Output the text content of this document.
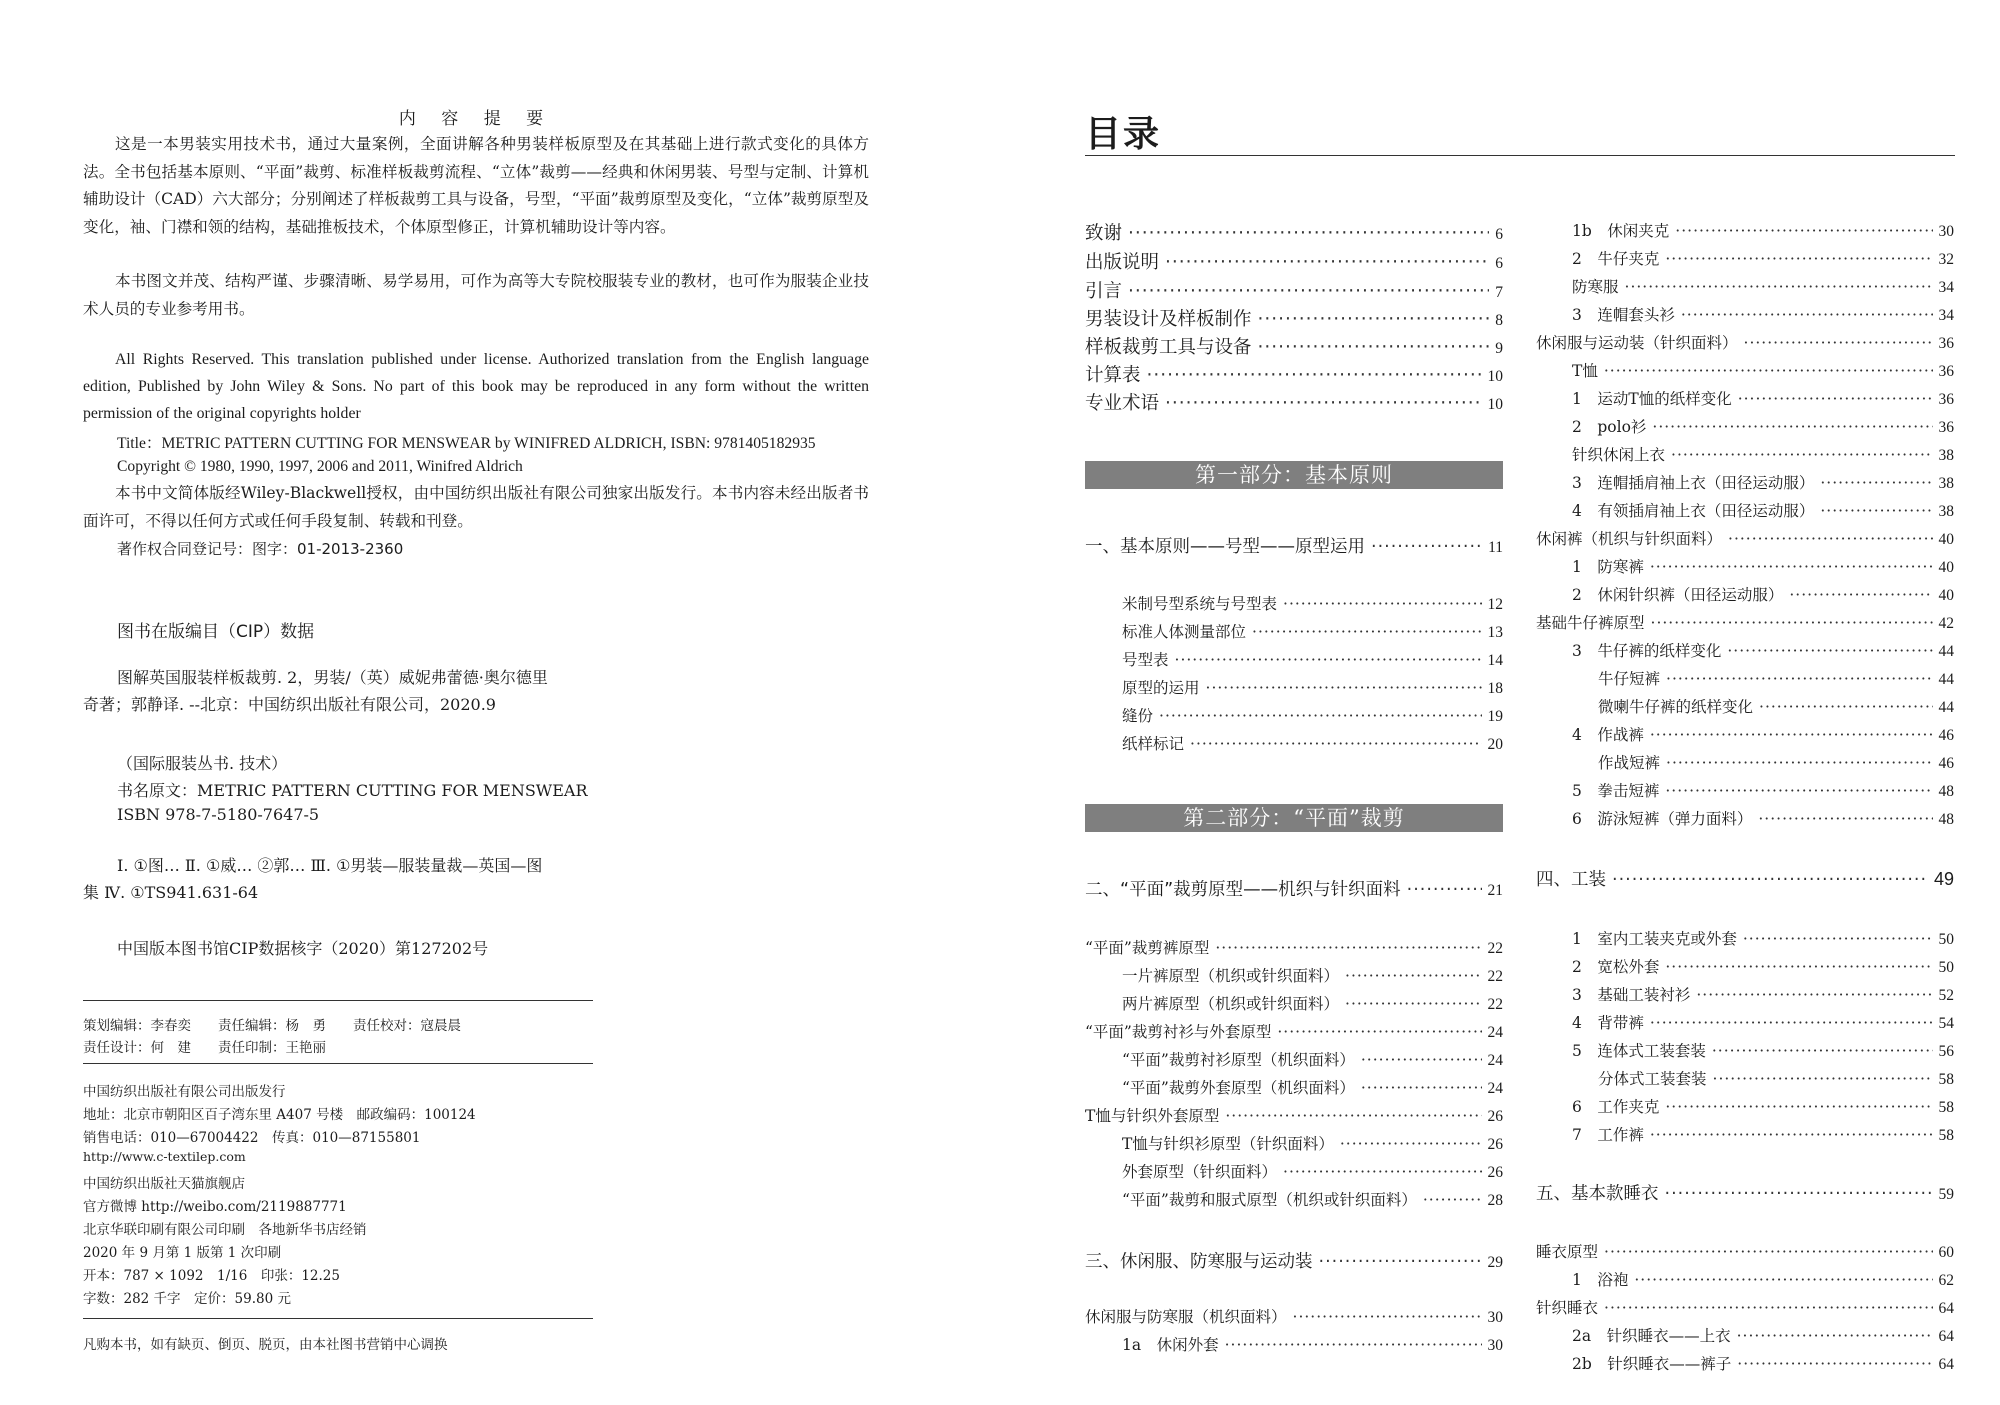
内 容 提 要
这是一本男装实用技术书，通过大量案例，全面讲解各种男装样板原型及在其基础上进行款式变化的具体方法。全书包括基本原则、“平面”裁剪、标准样板裁剪流程、“立体”裁剪——经典和休闲男装、号型与定制、计算机辅助设计（CAD）六大部分；分别阐述了样板裁剪工具与设备，号型，“平面”裁剪原型及变化，“立体”裁剪原型及变化，袖、门襟和领的结构，基础推板技术，个体原型修正，计算机辅助设计等内容。
本书图文并茂、结构严谨、步骤清晰、易学易用，可作为高等大专院校服装专业的教材，也可作为服装企业技术人员的专业参考用书。
All Rights Reserved. This translation published under license. Authorized translation from the English language edition, Published by John Wiley & Sons. No part of this book may be reproduced in any form without the written permission of the original copyrights holder
Title：METRIC PATTERN CUTTING FOR MENSWEAR by WINIFRED ALDRICH, ISBN: 9781405182935
Copyright © 1980, 1990, 1997, 2006 and 2011, Winifred Aldrich
本书中文简体版经Wiley-Blackwell授权，由中国纺织出版社有限公司独家出版发行。本书内容未经出版者书面许可，不得以任何方式或任何手段复制、转载和刊登。
著作权合同登记号：图字：01-2013-2360
图书在版编目（CIP）数据
图解英国服装样板裁剪. 2，男装/（英）威妮弗蕾德·奥尔德里奇著；郭静译. --北京：中国纺织出版社有限公司，2020.9
（国际服装丛书. 技术）
书名原文：METRIC PATTERN CUTTING FOR MENSWEAR
ISBN 978-7-5180-7647-5
Ⅰ. ①图… Ⅱ. ①威… ②郭… Ⅲ. ①男装—服装量裁—英国—图集 Ⅳ. ①TS941.631-64
中国版本图书馆CIP数据核字（2020）第127202号
策划编辑：李春奕　　责任编辑：杨　勇　　责任校对：寇晨晨
责任设计：何　建　　责任印制：王艳丽
中国纺织出版社有限公司出版发行
地址：北京市朝阳区百子湾东里 A407 号楼　邮政编码：100124
销售电话：010—67004422　传真：010—87155801
http://www.c-textilep.com
中国纺织出版社天猫旗舰店
官方微博 http://weibo.com/2119887771
北京华联印刷有限公司印刷　各地新华书店经销
2020 年 9 月第 1 版第 1 次印刷
开本：787 × 1092　1/16　印张：12.25
字数：282 千字　定价：59.80 元
凡购本书，如有缺页、倒页、脱页，由本社图书营销中心调换
目录
致谢 ·····	6
出版说明 ·····	6
引言 ·····	7
男装设计及样板制作 ·····	8
样板裁剪工具与设备 ·····	9
计算表 ·····	10
专业术语 ·····	10
第一部分：基本原则
一、基本原则——号型——原型运用 ·····	11
米制号型系统与号型表 ·····	12
标准人体测量部位 ·····	13
号型表 ·····	14
原型的运用 ·····	18
缝份 ·····	19
纸样标记 ·····	20
第二部分：“平面”裁剪
二、“平面”裁剪原型——机织与针织面料 ·····	21
“平面”裁剪裤原型 ·····	22
一片裤原型（机织或针织面料） ·····	22
两片裤原型（机织或针织面料） ·····	22
“平面”裁剪衬衫与外套原型 ·····	24
“平面”裁剪衬衫原型（机织面料） ·····	24
“平面”裁剪外套原型（机织面料） ·····	24
T恤与针织外套原型 ·····	26
T恤与针织衫原型（针织面料） ·····	26
外套原型（针织面料） ·····	26
“平面”裁剪和服式原型（机织或针织面料） ·····	28
三、休闲服、防寒服与运动装 ·····	29
休闲服与防寒服（机织面料） ·····	30
1a　休闲外套 ·····	30
1b　休闲夹克 ·····	30
2　牛仔夹克 ·····	32
防寒服 ·····	34
3　连帽套头衫 ·····	34
休闲服与运动装（针织面料） ·····	36
T恤 ·····	36
1　运动T恤的纸样变化 ·····	36
2　polo衫 ·····	36
针织休闲上衣 ·····	38
3　连帽插肩袖上衣（田径运动服） ·····	38
4　有领插肩袖上衣（田径运动服） ·····	38
休闲裤（机织与针织面料） ·····	40
1　防寒裤 ·····	40
2　休闲针织裤（田径运动服） ·····	40
基础牛仔裤原型 ·····	42
3　牛仔裤的纸样变化 ·····	44
牛仔短裤 ·····	44
微喇牛仔裤的纸样变化 ·····	44
4　作战裤 ·····	46
作战短裤 ·····	46
5　拳击短裤 ·····	48
6　游泳短裤（弹力面料） ·····	48
四、工装 ·····	49
1　室内工装夹克或外套 ·····	50
2　宽松外套 ·····	50
3　基础工装衬衫 ·····	52
4　背带裤 ·····	54
5　连体式工装套装 ·····	56
分体式工装套装 ·····	58
6　工作夹克 ·····	58
7　工作裤 ·····	58
五、基本款睡衣 ·····	59
睡衣原型 ·····	60
1　浴袍 ·····	62
针织睡衣 ·····	64
2a　针织睡衣——上衣 ·····	64
2b　针织睡衣——裤子 ·····	64
